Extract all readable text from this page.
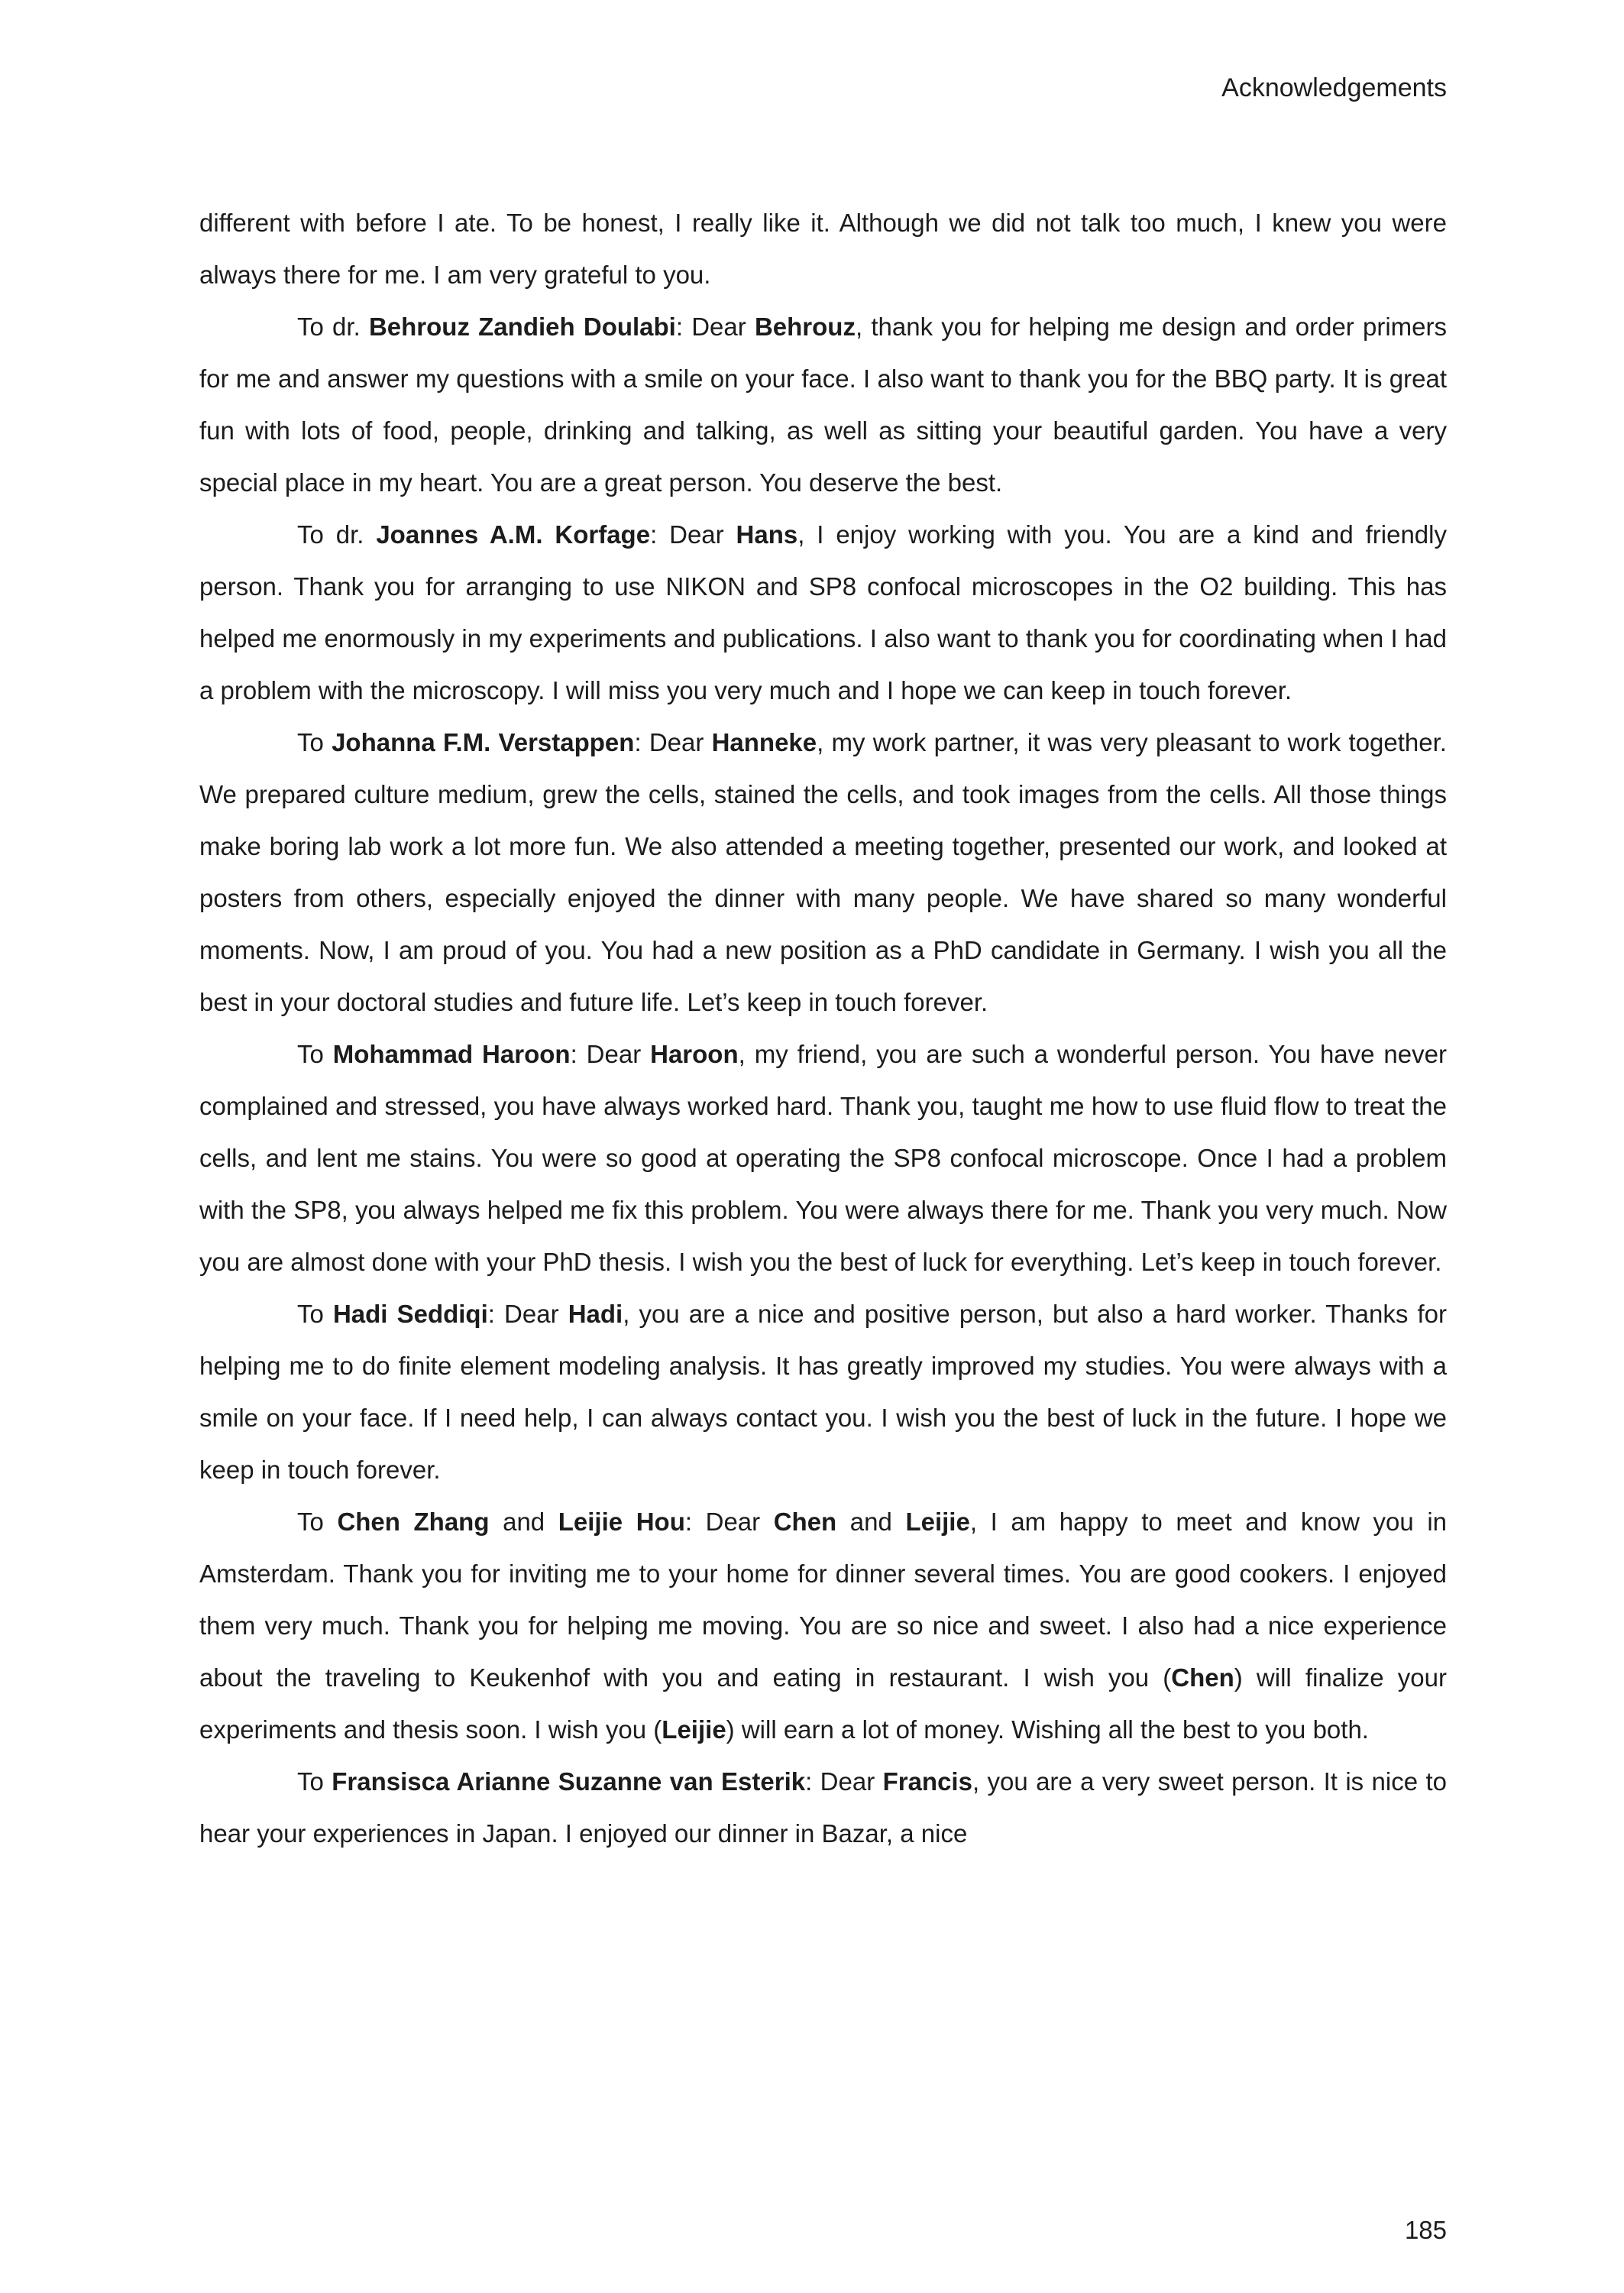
Acknowledgements

different with before I ate. To be honest, I really like it. Although we did not talk too much, I knew you were always there for me. I am very grateful to you.

To dr. Behrouz Zandieh Doulabi: Dear Behrouz, thank you for helping me design and order primers for me and answer my questions with a smile on your face. I also want to thank you for the BBQ party. It is great fun with lots of food, people, drinking and talking, as well as sitting your beautiful garden. You have a very special place in my heart. You are a great person. You deserve the best.

To dr. Joannes A.M. Korfage: Dear Hans, I enjoy working with you. You are a kind and friendly person. Thank you for arranging to use NIKON and SP8 confocal microscopes in the O2 building. This has helped me enormously in my experiments and publications. I also want to thank you for coordinating when I had a problem with the microscopy. I will miss you very much and I hope we can keep in touch forever.

To Johanna F.M. Verstappen: Dear Hanneke, my work partner, it was very pleasant to work together. We prepared culture medium, grew the cells, stained the cells, and took images from the cells. All those things make boring lab work a lot more fun. We also attended a meeting together, presented our work, and looked at posters from others, especially enjoyed the dinner with many people. We have shared so many wonderful moments. Now, I am proud of you. You had a new position as a PhD candidate in Germany. I wish you all the best in your doctoral studies and future life. Let’s keep in touch forever.

To Mohammad Haroon: Dear Haroon, my friend, you are such a wonderful person. You have never complained and stressed, you have always worked hard. Thank you, taught me how to use fluid flow to treat the cells, and lent me stains. You were so good at operating the SP8 confocal microscope. Once I had a problem with the SP8, you always helped me fix this problem. You were always there for me. Thank you very much. Now you are almost done with your PhD thesis. I wish you the best of luck for everything. Let’s keep in touch forever.

To Hadi Seddiqi: Dear Hadi, you are a nice and positive person, but also a hard worker. Thanks for helping me to do finite element modeling analysis. It has greatly improved my studies. You were always with a smile on your face. If I need help, I can always contact you. I wish you the best of luck in the future. I hope we keep in touch forever.

To Chen Zhang and Leijie Hou: Dear Chen and Leijie, I am happy to meet and know you in Amsterdam. Thank you for inviting me to your home for dinner several times. You are good cookers. I enjoyed them very much. Thank you for helping me moving. You are so nice and sweet. I also had a nice experience about the traveling to Keukenhof with you and eating in restaurant. I wish you (Chen) will finalize your experiments and thesis soon. I wish you (Leijie) will earn a lot of money. Wishing all the best to you both.

To Fransisca Arianne Suzanne van Esterik: Dear Francis, you are a very sweet person. It is nice to hear your experiences in Japan. I enjoyed our dinner in Bazar, a nice

185
